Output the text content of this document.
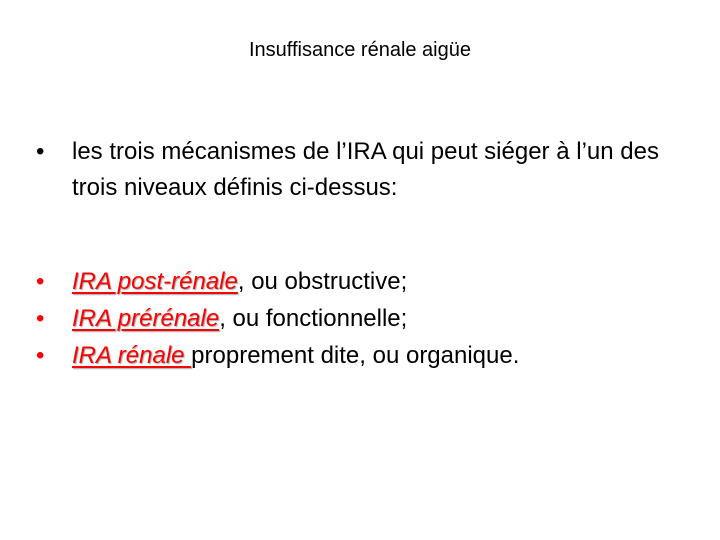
Insuffisance rénale aigüe
•	les trois mécanismes de l’IRA qui peut siéger à l’un des trois niveaux définis ci-dessus:
•	IRA post-rénale, ou obstructive;
•	IRA prérénale, ou fonctionnelle;
•	IRA rénale proprement dite, ou organique.
